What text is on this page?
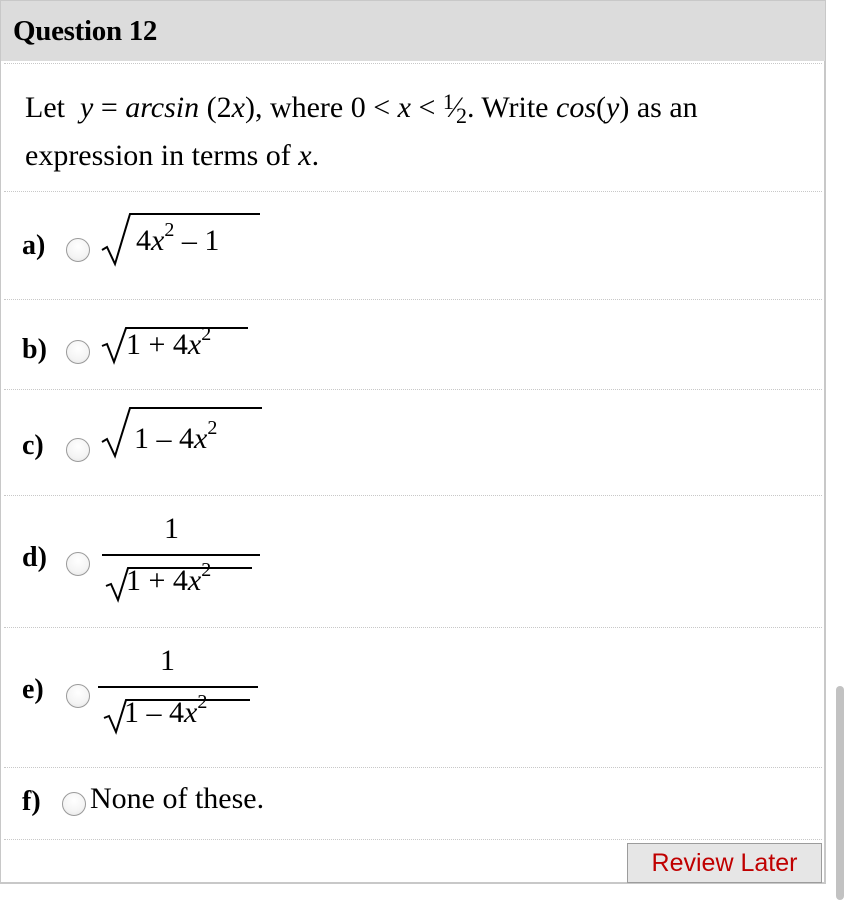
Question 12
Let y = arcsin (2x), where $0 < x < ^1⁄_2$. Write cos(y) as an
expression in terms of x.
a)	$4x^2 - 1$
b)	$1 + 4x^2$
c)	$1 - 4x^2$
d)
1
$1 + 4x^2$
e)
1
$1 - 4x^2$
f) None of these.
Review Later
